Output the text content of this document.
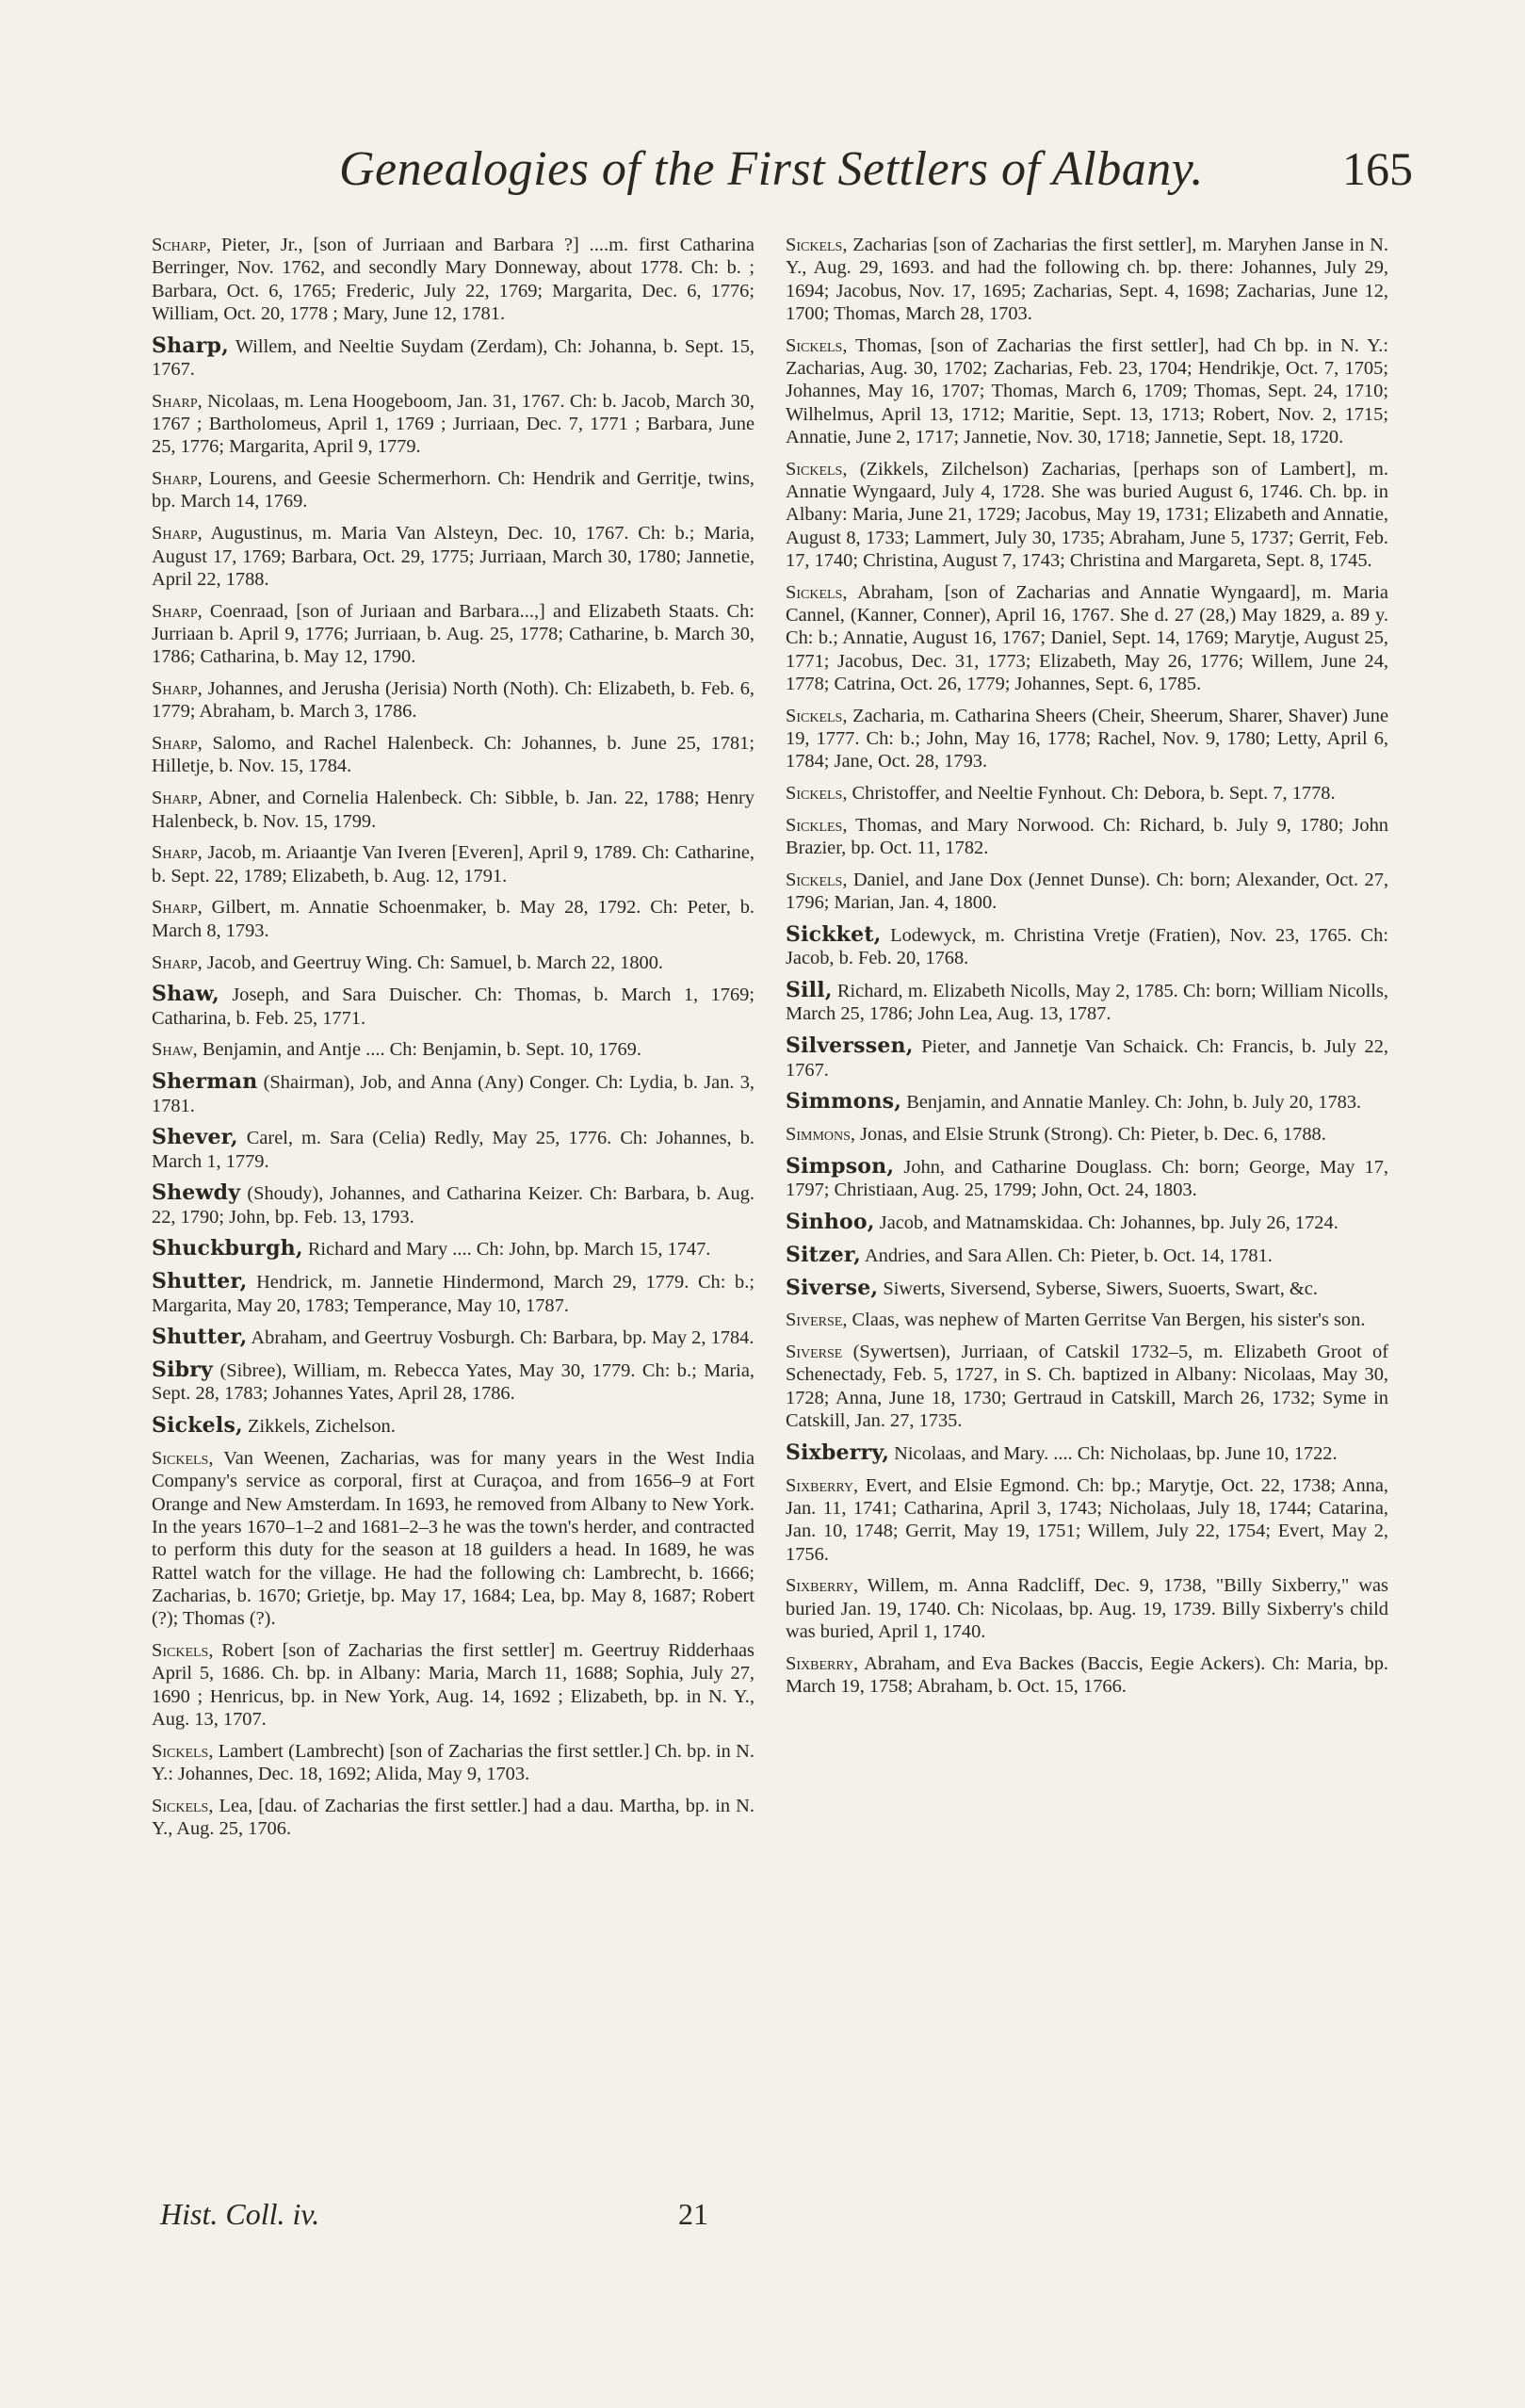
Genealogies of the First Settlers of Albany.	165

Scharp, Pieter, Jr., [son of Jurriaan and Barbara ?] ....m. first Catharina Berringer, Nov. 1762, and secondly Mary Donneway, about 1778. Ch: b. ; Barbara, Oct. 6, 1765; Frederic, July 22, 1769; Margarita, Dec. 6, 1776; William, Oct. 20, 1778 ; Mary, June 12, 1781.

Sharp, Willem, and Neeltie Suydam (Zerdam), Ch: Johanna, b. Sept. 15, 1767.

Sharp, Nicolaas, m. Lena Hoogeboom, Jan. 31, 1767. Ch: b. Jacob, March 30, 1767 ; Bartholomeus, April 1, 1769 ; Jurriaan, Dec. 7, 1771 ; Barbara, June 25, 1776; Margarita, April 9, 1779.

Sharp, Lourens, and Geesie Schermerhorn. Ch: Hendrik and Gerritje, twins, bp. March 14, 1769.

Sharp, Augustinus, m. Maria Van Alsteyn, Dec. 10, 1767. Ch: b.; Maria, August 17, 1769; Barbara, Oct. 29, 1775; Jurriaan, March 30, 1780; Jannetie, April 22, 1788.

Sharp, Coenraad, [son of Juriaan and Barbara...,] and Elizabeth Staats. Ch: Jurriaan b. April 9, 1776; Jurriaan, b. Aug. 25, 1778; Catharine, b. March 30, 1786; Catharina, b. May 12, 1790.

Sharp, Johannes, and Jerusha (Jerisia) North (Noth). Ch: Elizabeth, b. Feb. 6, 1779; Abraham, b. March 3, 1786.

Sharp, Salomo, and Rachel Halenbeck. Ch: Johannes, b. June 25, 1781; Hilletje, b. Nov. 15, 1784.

Sharp, Abner, and Cornelia Halenbeck. Ch: Sibble, b. Jan. 22, 1788; Henry Halenbeck, b. Nov. 15, 1799.

Sharp, Jacob, m. Ariaantje Van Iveren [Everen], April 9, 1789. Ch: Catharine, b. Sept. 22, 1789; Elizabeth, b. Aug. 12, 1791.

Sharp, Gilbert, m. Annatie Schoenmaker, b. May 28, 1792. Ch: Peter, b. March 8, 1793.

Sharp, Jacob, and Geertruy Wing. Ch: Samuel, b. March 22, 1800.

Shaw, Joseph, and Sara Duischer. Ch: Thomas, b. March 1, 1769; Catharina, b. Feb. 25, 1771.

Shaw, Benjamin, and Antje .... Ch: Benjamin, b. Sept. 10, 1769.

Sherman (Shairman), Job, and Anna (Any) Conger. Ch: Lydia, b. Jan. 3, 1781.

Shever, Carel, m. Sara (Celia) Redly, May 25, 1776. Ch: Johannes, b. March 1, 1779.

Shewdy (Shoudy), Johannes, and Catharina Keizer. Ch: Barbara, b. Aug. 22, 1790; John, bp. Feb. 13, 1793.

Shuckburgh, Richard and Mary .... Ch: John, bp. March 15, 1747.

Shutter, Hendrick, m. Jannetie Hindermond, March 29, 1779. Ch: b.; Margarita, May 20, 1783; Temperance, May 10, 1787.

Shutter, Abraham, and Geertruy Vosburgh. Ch: Barbara, bp. May 2, 1784.

Sibry (Sibree), William, m. Rebecca Yates, May 30, 1779. Ch: b.; Maria, Sept. 28, 1783; Johannes Yates, April 28, 1786.

Sickels, Zikkels, Zichelson.

Sickels, Van Weenen, Zacharias, was for many years in the West India Company's service as corporal, first at Curaçoa, and from 1656–9 at Fort Orange and New Amsterdam. In 1693, he removed from Albany to New York. In the years 1670–1–2 and 1681–2–3 he was the town's herder, and contracted to perform this duty for the season at 18 guilders a head. In 1689, he was Rattel watch for the village. He had the following ch: Lambrecht, b. 1666; Zacharias, b. 1670; Grietje, bp. May 17, 1684; Lea, bp. May 8, 1687; Robert (?); Thomas (?).

Sickels, Robert [son of Zacharias the first settler] m. Geertruy Ridderhaas April 5, 1686. Ch. bp. in Albany: Maria, March 11, 1688; Sophia, July 27, 1690 ; Henricus, bp. in New York, Aug. 14, 1692 ; Elizabeth, bp. in N. Y., Aug. 13, 1707.

Sickels, Lambert (Lambrecht) [son of Zacharias the first settler.] Ch. bp. in N. Y.: Johannes, Dec. 18, 1692; Alida, May 9, 1703.

Sickels, Lea, [dau. of Zacharias the first settler.] had a dau. Martha, bp. in N. Y., Aug. 25, 1706.

Sickels, Zacharias [son of Zacharias the first settler], m. Maryhen Janse in N. Y., Aug. 29, 1693. and had the following ch. bp. there: Johannes, July 29, 1694; Jacobus, Nov. 17, 1695; Zacharias, Sept. 4, 1698; Zacharias, June 12, 1700; Thomas, March 28, 1703.

Sickels, Thomas, [son of Zacharias the first settler], had Ch bp. in N. Y.: Zacharias, Aug. 30, 1702; Zacharias, Feb. 23, 1704; Hendrikje, Oct. 7, 1705; Johannes, May 16, 1707; Thomas, March 6, 1709; Thomas, Sept. 24, 1710; Wilhelmus, April 13, 1712; Maritie, Sept. 13, 1713; Robert, Nov. 2, 1715; Annatie, June 2, 1717; Jannetie, Nov. 30, 1718; Jannetie, Sept. 18, 1720.

Sickels, (Zikkels, Zilchelson) Zacharias, [perhaps son of Lambert], m. Annatie Wyngaard, July 4, 1728. She was buried August 6, 1746. Ch. bp. in Albany: Maria, June 21, 1729; Jacobus, May 19, 1731; Elizabeth and Annatie, August 8, 1733; Lammert, July 30, 1735; Abraham, June 5, 1737; Gerrit, Feb. 17, 1740; Christina, August 7, 1743; Christina and Margareta, Sept. 8, 1745.

Sickels, Abraham, [son of Zacharias and Annatie Wyngaard], m. Maria Cannel, (Kanner, Conner), April 16, 1767. She d. 27 (28,) May 1829, a. 89 y. Ch: b.; Annatie, August 16, 1767; Daniel, Sept. 14, 1769; Marytje, August 25, 1771; Jacobus, Dec. 31, 1773; Elizabeth, May 26, 1776; Willem, June 24, 1778; Catrina, Oct. 26, 1779; Johannes, Sept. 6, 1785.

Sickels, Zacharia, m. Catharina Sheers (Cheir, Sheerum, Sharer, Shaver) June 19, 1777. Ch: b.; John, May 16, 1778; Rachel, Nov. 9, 1780; Letty, April 6, 1784; Jane, Oct. 28, 1793.

Sickels, Christoffer, and Neeltie Fynhout. Ch: Debora, b. Sept. 7, 1778.

Sickles, Thomas, and Mary Norwood. Ch: Richard, b. July 9, 1780; John Brazier, bp. Oct. 11, 1782.

Sickels, Daniel, and Jane Dox (Jennet Dunse). Ch: born; Alexander, Oct. 27, 1796; Marian, Jan. 4, 1800.

Sickket, Lodewyck, m. Christina Vretje (Fratien), Nov. 23, 1765. Ch: Jacob, b. Feb. 20, 1768.

Sill, Richard, m. Elizabeth Nicolls, May 2, 1785. Ch: born; William Nicolls, March 25, 1786; John Lea, Aug. 13, 1787.

Silverssen, Pieter, and Jannetje Van Schaick. Ch: Francis, b. July 22, 1767.

Simmons, Benjamin, and Annatie Manley. Ch: John, b. July 20, 1783.

Simmons, Jonas, and Elsie Strunk (Strong). Ch: Pieter, b. Dec. 6, 1788.

Simpson, John, and Catharine Douglass. Ch: born; George, May 17, 1797; Christiaan, Aug. 25, 1799; John, Oct. 24, 1803.

Sinhoo, Jacob, and Matnamskidaa. Ch: Johannes, bp. July 26, 1724.

Sitzer, Andries, and Sara Allen. Ch: Pieter, b. Oct. 14, 1781.

Siverse, Siwerts, Siversend, Syberse, Siwers, Suoerts, Swart, &c.

Siverse, Claas, was nephew of Marten Gerritse Van Bergen, his sister's son.

Siverse (Sywertsen), Jurriaan, of Catskil 1732–5, m. Elizabeth Groot of Schenectady, Feb. 5, 1727, in S. Ch. baptized in Albany: Nicolaas, May 30, 1728; Anna, June 18, 1730; Gertraud in Catskill, March 26, 1732; Syme in Catskill, Jan. 27, 1735.

Sixberry, Nicolaas, and Mary. .... Ch: Nicholaas, bp. June 10, 1722.

Sixberry, Evert, and Elsie Egmond. Ch: bp.; Marytje, Oct. 22, 1738; Anna, Jan. 11, 1741; Catharina, April 3, 1743; Nicholaas, July 18, 1744; Catarina, Jan. 10, 1748; Gerrit, May 19, 1751; Willem, July 22, 1754; Evert, May 2, 1756.

Sixberry, Willem, m. Anna Radcliff, Dec. 9, 1738, "Billy Sixberry," was buried Jan. 19, 1740. Ch: Nicolaas, bp. Aug. 19, 1739. Billy Sixberry's child was buried, April 1, 1740.

Sixberry, Abraham, and Eva Backes (Baccis, Eegie Ackers). Ch: Maria, bp. March 19, 1758; Abraham, b. Oct. 15, 1766.

Hist. Coll. iv.	21
